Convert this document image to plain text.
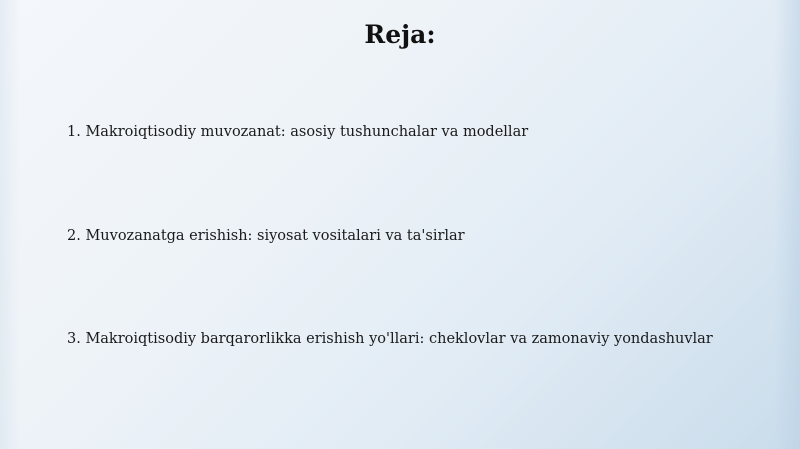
Reja:

1. Makroiqtisodiy muvozanat: asosiy tushunchalar va modellar

2. Muvozanatga erishish: siyosat vositalari va ta'sirlar

3. Makroiqtisodiy barqarorlikka erishish yo'llari: cheklovlar va zamonaviy yondashuvlar
